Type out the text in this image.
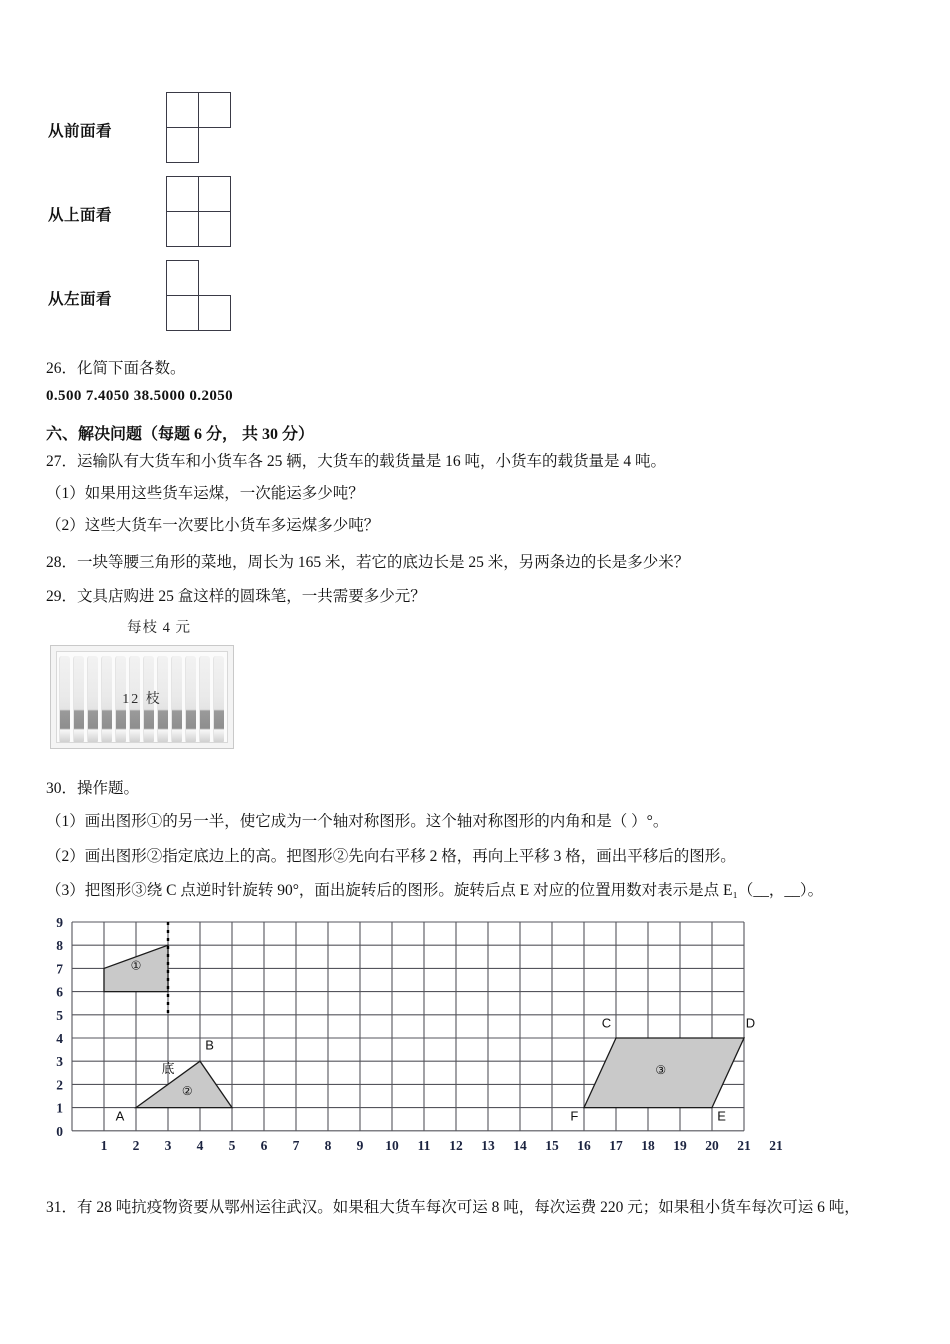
从前面看
从上面看
从左面看
26．化简下面各数。
0.500 7.4050 38.5000 0.2050
六、解决问题（每题 6 分， 共 30 分）
27．运输队有大货车和小货车各 25 辆，大货车的载货量是 16 吨，小货车的载货量是 4 吨。
（1）如果用这些货车运煤，一次能运多少吨？
（2）这些大货车一次要比小货车多运煤多少吨？
28．一块等腰三角形的菜地，周长为 165 米，若它的底边长是 25 米，另两条边的长是多少米？
29．文具店购进 25 盒这样的圆珠笔，一共需要多少元？
每枝 4 元
12 枝
30．操作题。
（1）画出图形①的另一半，使它成为一个轴对称图形。这个轴对称图形的内角和是（ ）°。
（2）画出图形②指定底边上的高。把图形②先向右平移 2 格，再向上平移 3 格，画出平移后的图形。
（3）把图形③绕 C 点逆时针旋转 90°，面出旋转后的图形。旋转后点 E 对应的位置用数对表示是点 E₁（__，__）。
①
②
③
A
B
底
C	D
E
F
0
1
2
3
4
5
6
7
8
9
1 2 3 4 5 6 7 8 9 10 11 12 13 14 15 16 17 18 19 20 21 21
31．有 28 吨抗疫物资要从鄂州运往武汉。如果租大货车每次可运 8 吨，每次运费 220 元；如果租小货车每次可运 6 吨，
